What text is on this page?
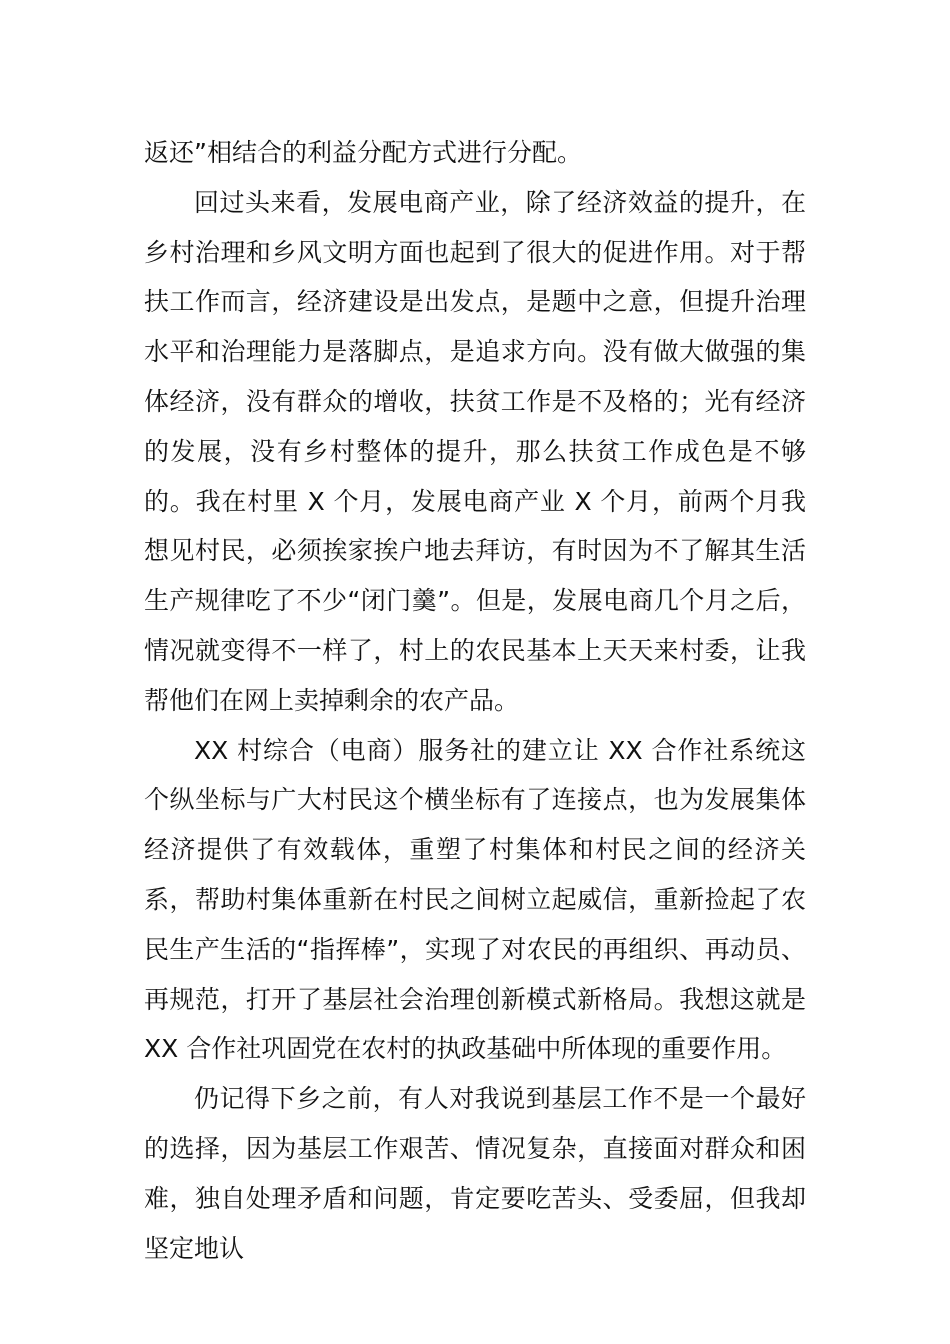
返还”相结合的利益分配方式进行分配。

回过头来看，发展电商产业，除了经济效益的提升，在乡村治理和乡风文明方面也起到了很大的促进作用。对于帮扶工作而言，经济建设是出发点，是题中之意，但提升治理水平和治理能力是落脚点，是追求方向。没有做大做强的集体经济，没有群众的增收，扶贫工作是不及格的；光有经济的发展，没有乡村整体的提升，那么扶贫工作成色是不够的。我在村里 X 个月，发展电商产业 X 个月，前两个月我想见村民，必须挨家挨户地去拜访，有时因为不了解其生活生产规律吃了不少“闭门羹”。但是，发展电商几个月之后，情况就变得不一样了，村上的农民基本上天天来村委，让我帮他们在网上卖掉剩余的农产品。

XX 村综合（电商）服务社的建立让 XX 合作社系统这个纵坐标与广大村民这个横坐标有了连接点，也为发展集体经济提供了有效载体，重塑了村集体和村民之间的经济关系，帮助村集体重新在村民之间树立起威信，重新捡起了农民生产生活的“指挥棒”，实现了对农民的再组织、再动员、再规范，打开了基层社会治理创新模式新格局。我想这就是 XX 合作社巩固党在农村的执政基础中所体现的重要作用。

仍记得下乡之前，有人对我说到基层工作不是一个最好的选择，因为基层工作艰苦、情况复杂，直接面对群众和困难，独自处理矛盾和问题，肯定要吃苦头、受委屈，但我却坚定地认
